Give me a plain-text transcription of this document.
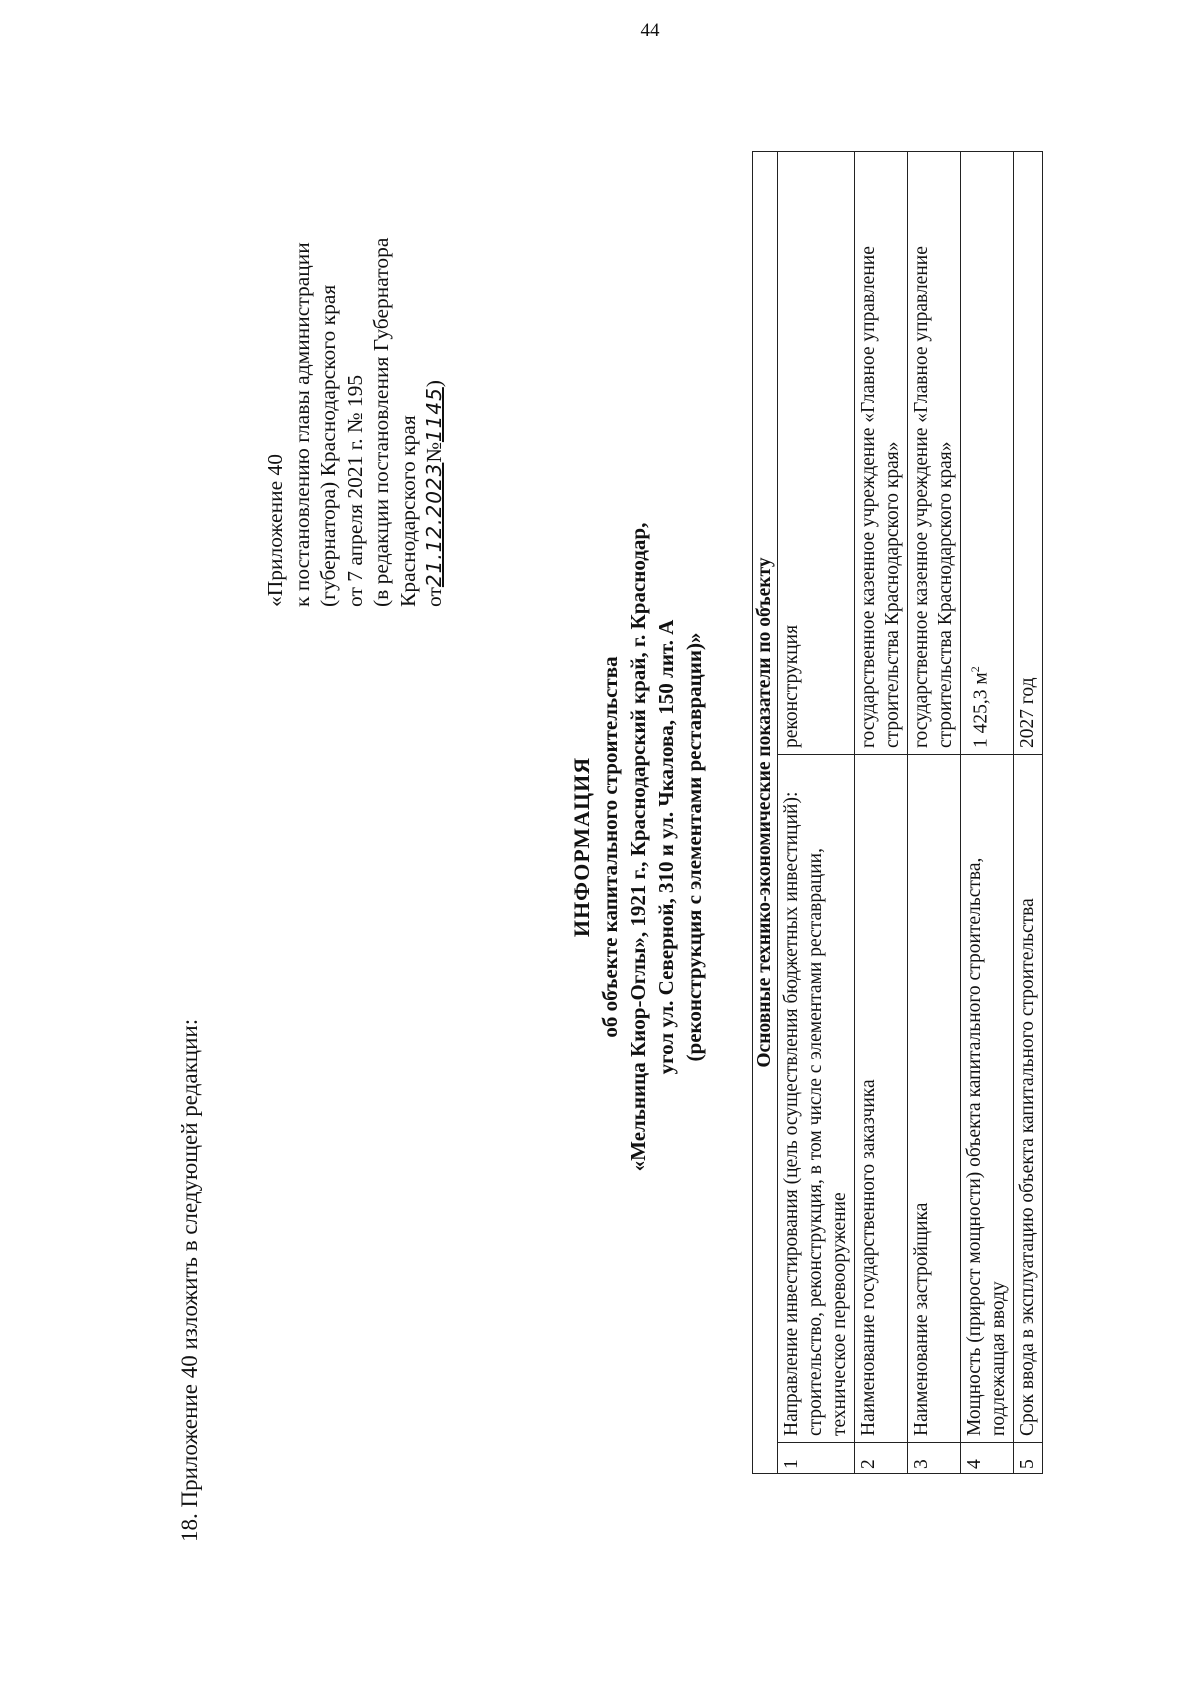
44
18. Приложение 40 изложить в следующей редакции:
«Приложение 40 к постановлению главы администрации (губернатора) Краснодарского края от 7 апреля 2021 г. № 195 (в редакции постановления Губернатора Краснодарского края от21.12.2023№1145)
ИНФОРМАЦИЯ об объекте капитального строительства «Мельница Киор-Оглы», 1921 г., Краснодарский край, г. Краснодар, угол ул. Северной, 310 и ул. Чкалова, 150 лит. А (реконструкция с элементами реставрации)» Основные технико-экономические показатели по объекту		
1	Направление инвестирования (цель осуществления бюджетных инвестиций): строительство, реконструкция, в том числе с элементами реставрации, техническое перевооружение	реконструкция
2	Наименование государственного заказчика	государственное казенное учреждение «Главное управление строительства Краснодарского края»
3	Наименование застройщика	государственное казенное учреждение «Главное управление строительства Краснодарского края»
4	Мощность (прирост мощности) объекта капитального строительства, подлежащая вводу	1 425,3 $м^2$
5	Срок ввода в эксплуатацию объекта капитального строительства	2027 год
